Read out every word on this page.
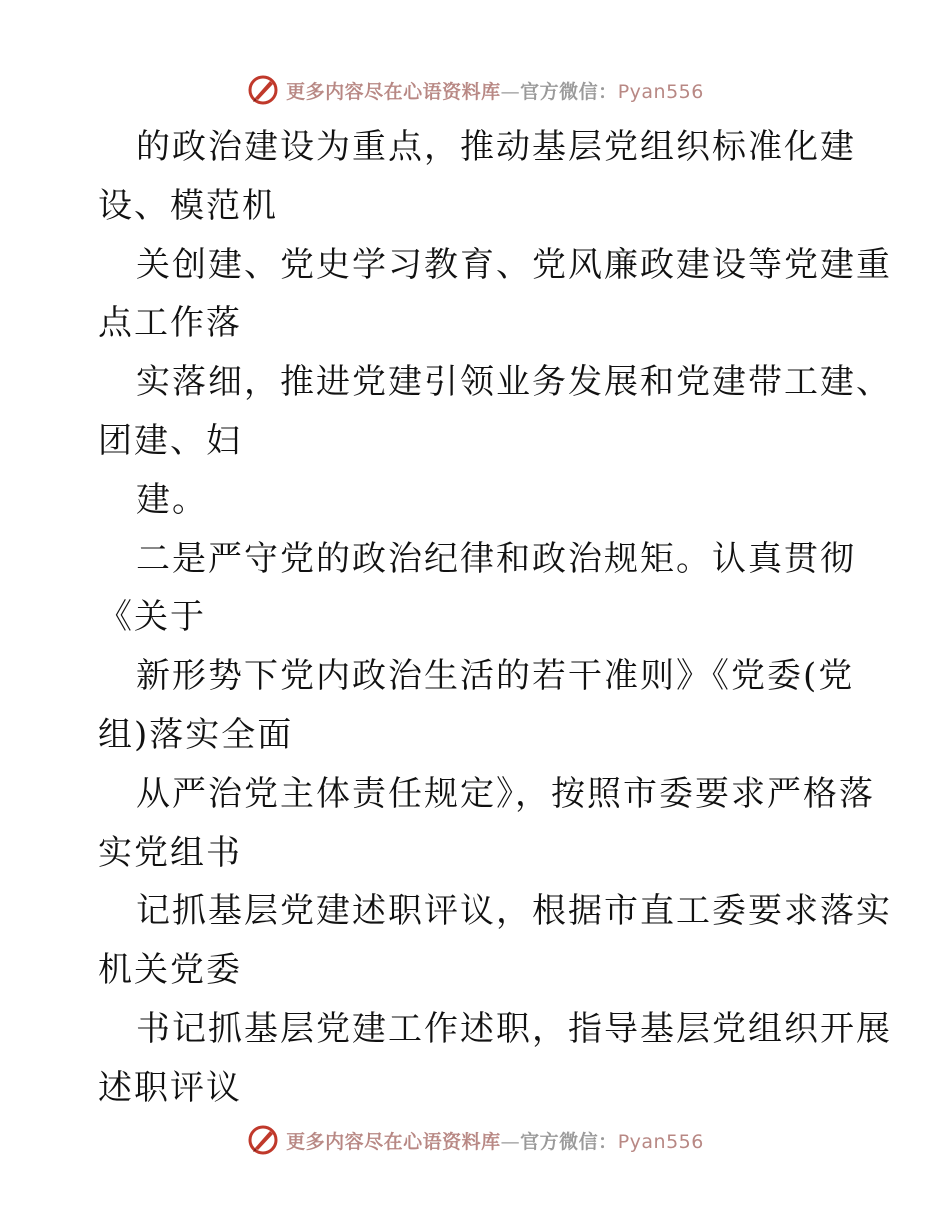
更多内容尽在心语资料库—官方微信：Pyan556
的政治建设为重点，推动基层党组织标准化建
设、模范机
关创建、党史学习教育、党风廉政建设等党建重
点工作落
实落细，推进党建引领业务发展和党建带工建、
团建、妇
建。
二是严守党的政治纪律和政治规矩。认真贯彻
《关于
新形势下党内政治生活的若干准则》《党委(党
组)落实全面
从严治党主体责任规定》，按照市委要求严格落
实党组书
记抓基层党建述职评议，根据市直工委要求落实
机关党委
书记抓基层党建工作述职，指导基层党组织开展
述职评议
更多内容尽在心语资料库—官方微信：Pyan556
